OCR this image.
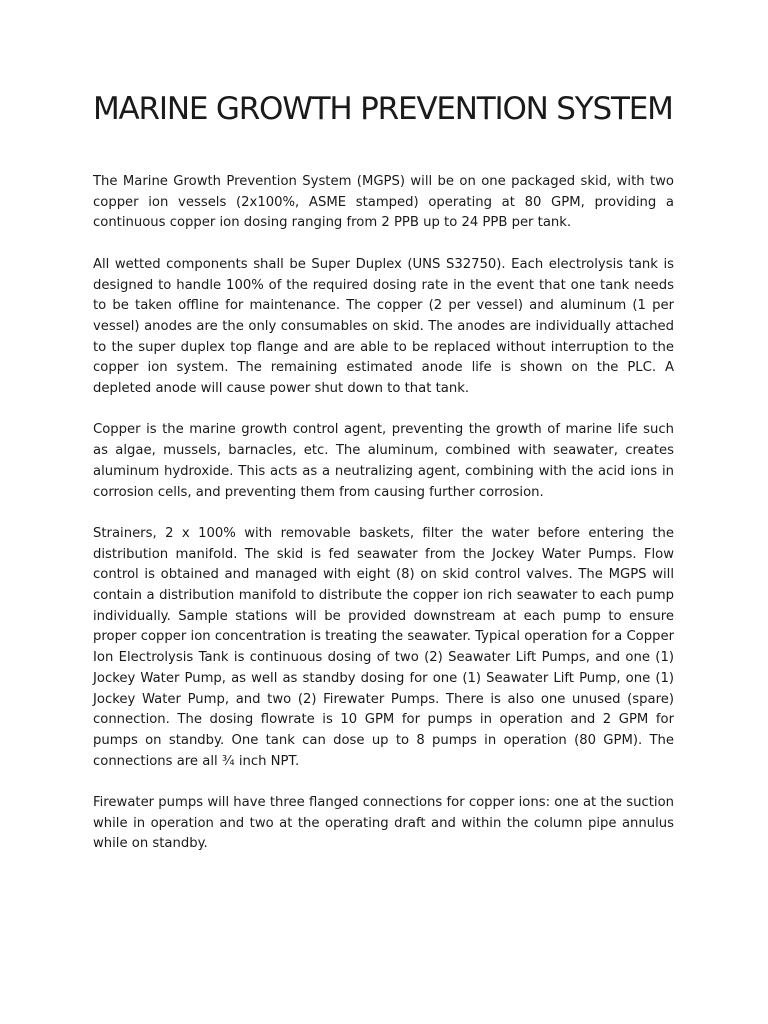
MARINE GROWTH PREVENTION SYSTEM

The Marine Growth Prevention System (MGPS) will be on one packaged skid, with two copper ion vessels (2x100%, ASME stamped) operating at 80 GPM, providing a continuous copper ion dosing ranging from 2 PPB up to 24 PPB per tank.

All wetted components shall be Super Duplex (UNS S32750). Each electrolysis tank is designed to handle 100% of the required dosing rate in the event that one tank needs to be taken offline for maintenance. The copper (2 per vessel) and aluminum (1 per vessel) anodes are the only consumables on skid. The anodes are individually attached to the super duplex top flange and are able to be replaced without interruption to the copper ion system. The remaining estimated anode life is shown on the PLC. A depleted anode will cause power shut down to that tank.

Copper is the marine growth control agent, preventing the growth of marine life such as algae, mussels, barnacles, etc. The aluminum, combined with seawater, creates aluminum hydroxide. This acts as a neutralizing agent, combining with the acid ions in corrosion cells, and preventing them from causing further corrosion.

Strainers, 2 x 100% with removable baskets, filter the water before entering the distribution manifold. The skid is fed seawater from the Jockey Water Pumps. Flow control is obtained and managed with eight (8) on skid control valves. The MGPS will contain a distribution manifold to distribute the copper ion rich seawater to each pump individually. Sample stations will be provided downstream at each pump to ensure proper copper ion concentration is treating the seawater. Typical operation for a Copper Ion Electrolysis Tank is continuous dosing of two (2) Seawater Lift Pumps, and one (1) Jockey Water Pump, as well as standby dosing for one (1) Seawater Lift Pump, one (1) Jockey Water Pump, and two (2) Firewater Pumps. There is also one unused (spare) connection. The dosing flowrate is 10 GPM for pumps in operation and 2 GPM for pumps on standby. One tank can dose up to 8 pumps in operation (80 GPM). The connections are all ¾ inch NPT.

Firewater pumps will have three flanged connections for copper ions: one at the suction while in operation and two at the operating draft and within the column pipe annulus while on standby.
